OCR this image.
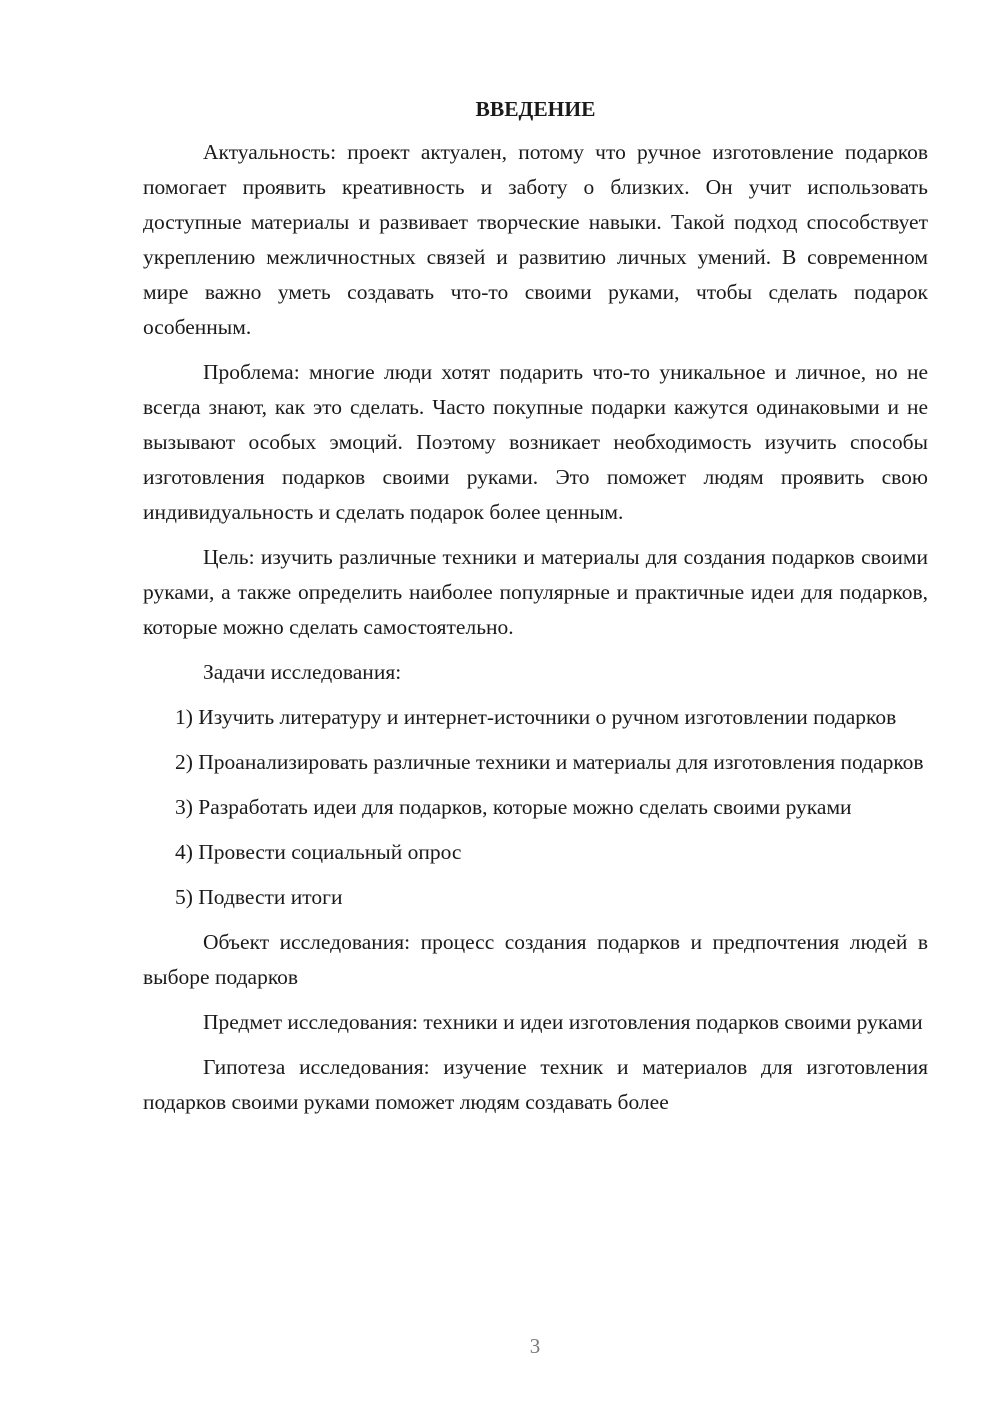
ВВЕДЕНИЕ

Актуальность: проект актуален, потому что ручное изготовление подарков помогает проявить креативность и заботу о близких. Он учит использовать доступные материалы и развивает творческие навыки. Такой подход способствует укреплению межличностных связей и развитию личных умений. В современном мире важно уметь создавать что-то своими руками, чтобы сделать подарок особенным.

Проблема: многие люди хотят подарить что-то уникальное и личное, но не всегда знают, как это сделать. Часто покупные подарки кажутся одинаковыми и не вызывают особых эмоций. Поэтому возникает необходимость изучить способы изготовления подарков своими руками. Это поможет людям проявить свою индивидуальность и сделать подарок более ценным.

Цель: изучить различные техники и материалы для создания подарков своими руками, а также определить наиболее популярные и практичные идеи для подарков, которые можно сделать самостоятельно.

Задачи исследования:

1) Изучить литературу и интернет-источники о ручном изготовлении подарков

2) Проанализировать различные техники и материалы для изготовления подарков

3) Разработать идеи для подарков, которые можно сделать своими руками

4) Провести социальный опрос

5) Подвести итоги

Объект исследования: процесс создания подарков и предпочтения людей в выборе подарков

Предмет исследования: техники и идеи изготовления подарков своими руками

Гипотеза исследования: изучение техник и материалов для изготовления подарков своими руками поможет людям создавать более

3
